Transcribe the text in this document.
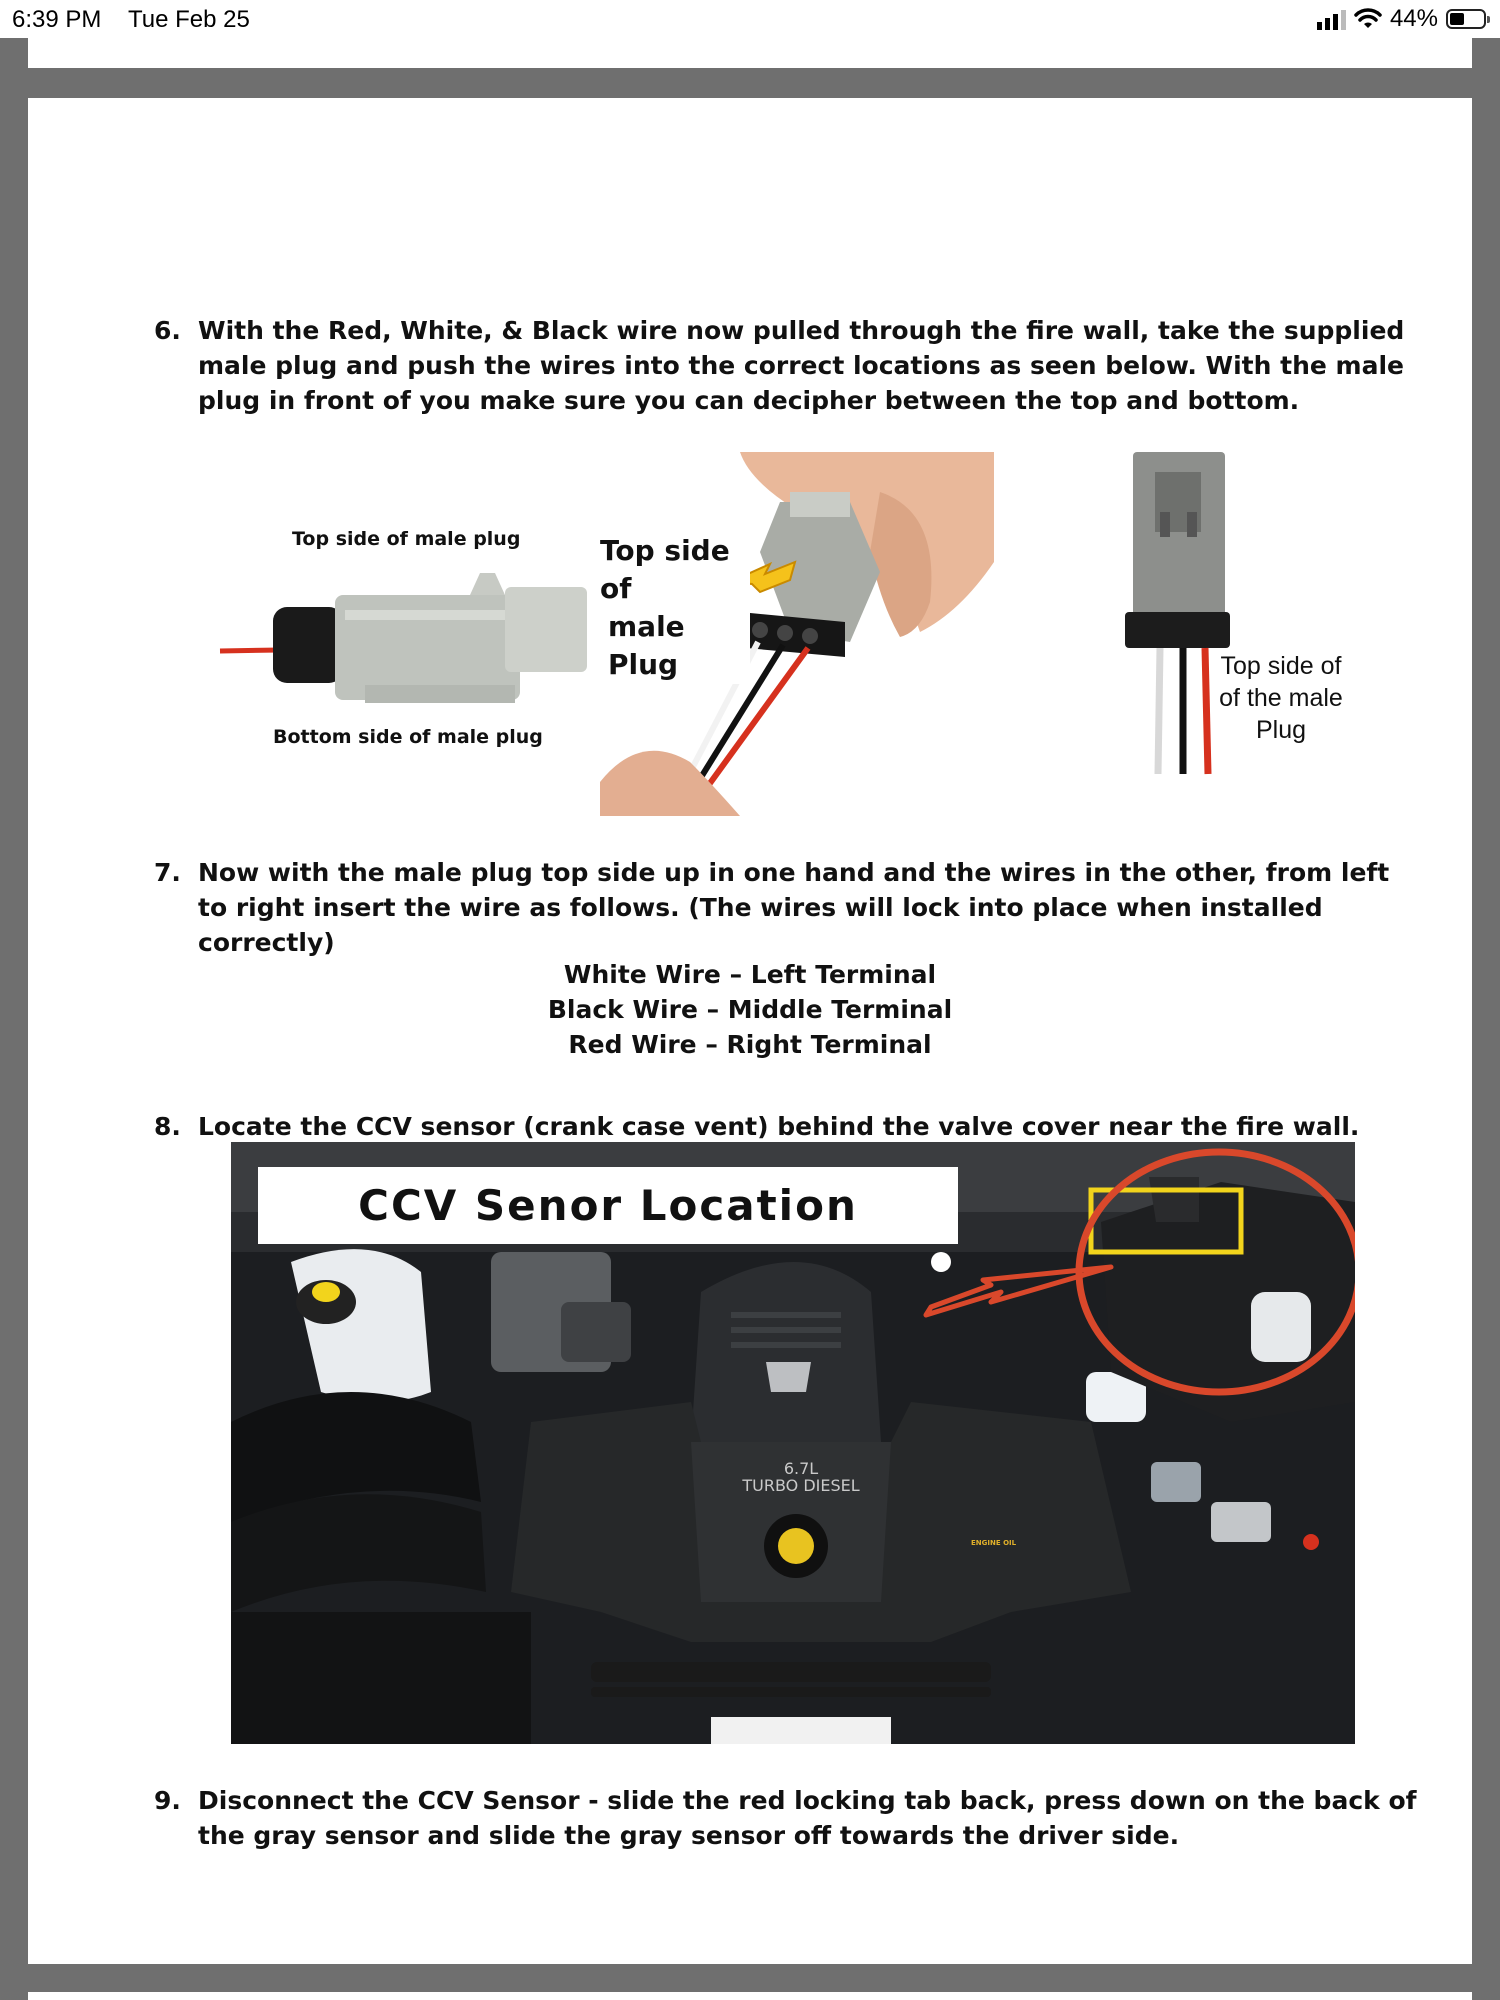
6:39 PM Tue Feb 25	44%
6. With the Red, White, & Black wire now pulled through the fire wall, take the supplied male plug and push the wires into the correct locations as seen below. With the male plug in front of you make sure you can decipher between the top and bottom.
Top side of male plug
Bottom side of male plug
Top side of
male Plug	Top side of
of the male
Plug
7. Now with the male plug top side up in one hand and the wires in the other, from left to right insert the wire as follows. (The wires will lock into place when installed correctly)
White Wire – Left Terminal
Black Wire – Middle Terminal
Red Wire – Right Terminal
8. Locate the CCV sensor (crank case vent) behind the valve cover near the fire wall.
CCV Senor Location
6.7L
TURBO DIESEL
ENGINE OIL
9. Disconnect the CCV Sensor - slide the red locking tab back, press down on the back of the gray sensor and slide the gray sensor off towards the driver side.
